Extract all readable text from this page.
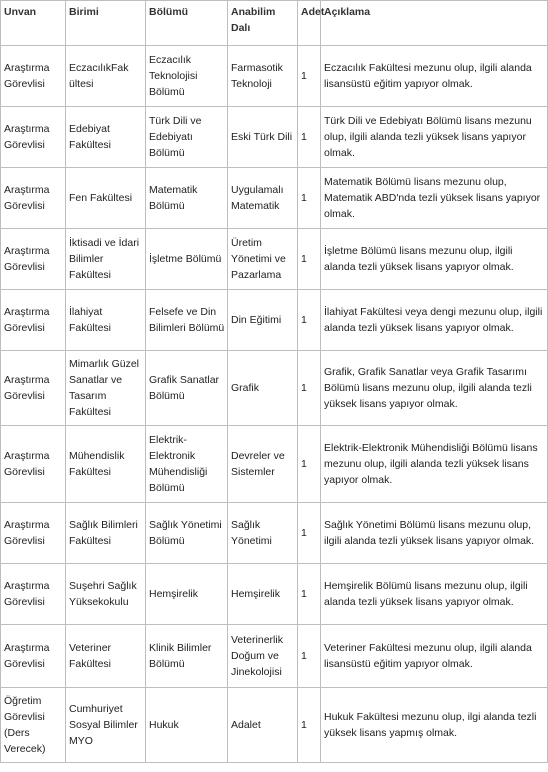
Unvan	Birimi	Bölümü	Anabilim Dalı	Adet	Açıklama
Araştırma Görevlisi	EczacılıkFak ültesi	Eczacılık Teknolojisi Bölümü	Farmasotik Teknoloji	1	Eczacılık Fakültesi mezunu olup, ilgili alanda lisansüstü eğitim yapıyor olmak.
Araştırma Görevlisi	Edebiyat Fakültesi	Türk Dili ve Edebiyatı Bölümü	Eski Türk Dili	1	Türk Dili ve Edebiyatı Bölümü lisans mezunu olup, ilgili alanda tezli yüksek lisans yapıyor olmak.
Araştırma Görevlisi	Fen Fakültesi	Matematik Bölümü	Uygulamalı Matematik	1	Matematik Bölümü lisans mezunu olup, Matematik ABD'nda tezli yüksek lisans yapıyor olmak.
Araştırma Görevlisi	İktisadi ve İdari Bilimler Fakültesi	İşletme Bölümü	Üretim Yönetimi ve Pazarlama	1	İşletme Bölümü lisans mezunu olup, ilgili alanda tezli yüksek lisans yapıyor olmak.
Araştırma Görevlisi	İlahiyat Fakültesi	Felsefe ve Din Bilimleri Bölümü	Din Eğitimi	1	İlahiyat Fakültesi veya dengi mezunu olup, ilgili alanda tezli yüksek lisans yapıyor olmak.
Araştırma Görevlisi	Mimarlık Güzel Sanatlar ve Tasarım Fakültesi	Grafik Sanatlar Bölümü	Grafik	1	Grafik, Grafik Sanatlar veya Grafik Tasarımı Bölümü lisans mezunu olup, ilgili alanda tezli yüksek lisans yapıyor olmak.
Araştırma Görevlisi	Mühendislik Fakültesi	Elektrik-Elektronik Mühendisliği Bölümü	Devreler ve Sistemler	1	Elektrik-Elektronik Mühendisliği Bölümü lisans mezunu olup, ilgili alanda tezli yüksek lisans yapıyor olmak.
Araştırma Görevlisi	Sağlık Bilimleri Fakültesi	Sağlık Yönetimi Bölümü	Sağlık Yönetimi	1	Sağlık Yönetimi Bölümü lisans mezunu olup, ilgili alanda tezli yüksek lisans yapıyor olmak.
Araştırma Görevlisi	Suşehri Sağlık Yüksekokulu	Hemşirelik	Hemşirelik	1	Hemşirelik Bölümü lisans mezunu olup, ilgili alanda tezli yüksek lisans yapıyor olmak.
Araştırma Görevlisi	Veteriner Fakültesi	Klinik Bilimler Bölümü	Veterinerlik Doğum ve Jinekolojisi	1	Veteriner Fakültesi mezunu olup, ilgili alanda lisansüstü eğitim yapıyor olmak.
Öğretim Görevlisi (Ders Verecek)	Cumhuriyet Sosyal Bilimler MYO	Hukuk	Adalet	1	Hukuk Fakültesi mezunu olup, ilgi alanda tezli yüksek lisans yapmış olmak.
